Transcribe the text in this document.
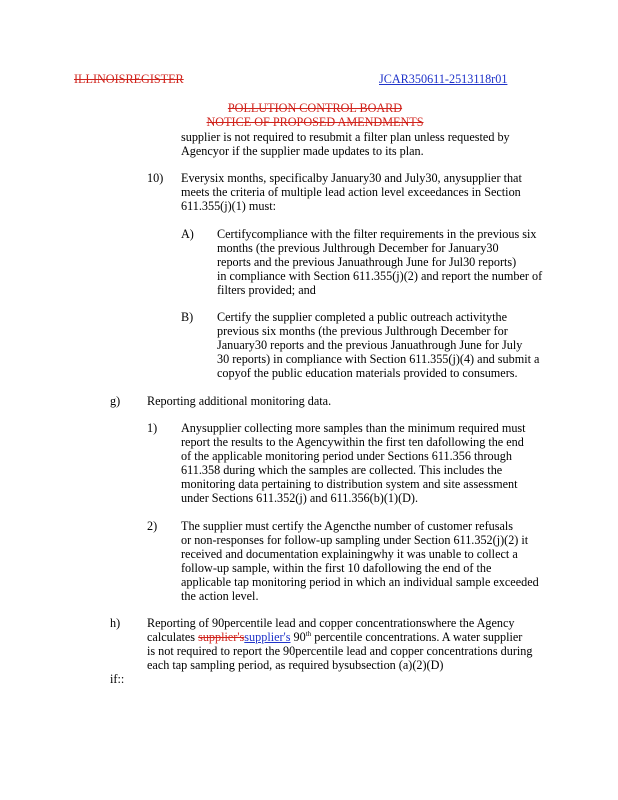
ILLINOISREGISTER	JCAR350611-2513118r01
POLLUTION CONTROL BOARD
NOTICE OF PROPOSED AMENDMENTS

supplier is not required to resubmit a filter plan unless requested by

Agencyor if the supplier made updates to its plan.

10) Everysix months, specificalby January30 and July30, anysupplier that

meets the criteria of multiple lead action level exceedances in Section

611.355(j)(1) must:

A) Certifycompliance with the filter requirements in the previous six

months (the previous Julthrough December for January30

reports and the previous Januathrough June for Jul30 reports)

in compliance with Section 611.355(j)(2) and report the number of

filters provided; and

B) Certify the supplier completed a public outreach activitythe

previous six months (the previous Julthrough December for

January30 reports and the previous Januathrough June for July

30 reports) in compliance with Section 611.355(j)(4) and submit a

copyof the public education materials provided to consumers.

g) Reporting additional monitoring data.
1) Anysupplier collecting more samples than the minimum required must

report the results to the Agencywithin the first ten dafollowing the end

of the applicable monitoring period under Sections 611.356 through

611.358 during which the samples are collected. This includes the

monitoring data pertaining to distribution system and site assessment

under Sections 611.352(j) and 611.356(b)(1)(D).

2) The supplier must certify the Agencthe number of customer refusals

or non-responses for follow-up sampling under Section 611.352(j)(2) it

received and documentation explainingwhy it was unable to collect a

follow-up sample, within the first 10 dafollowing the end of the

applicable tap monitoring period in which an individual sample exceeded

the action level.

h) Reporting of 90percentile lead and copper concentrationswhere the Agency

calculates supplier'ssupplier's 90th percentile concentrations. A water supplier

is not required to report the 90percentile lead and copper concentrations during

each tap sampling period, as required bysubsection (a)(2)(D)

if::
